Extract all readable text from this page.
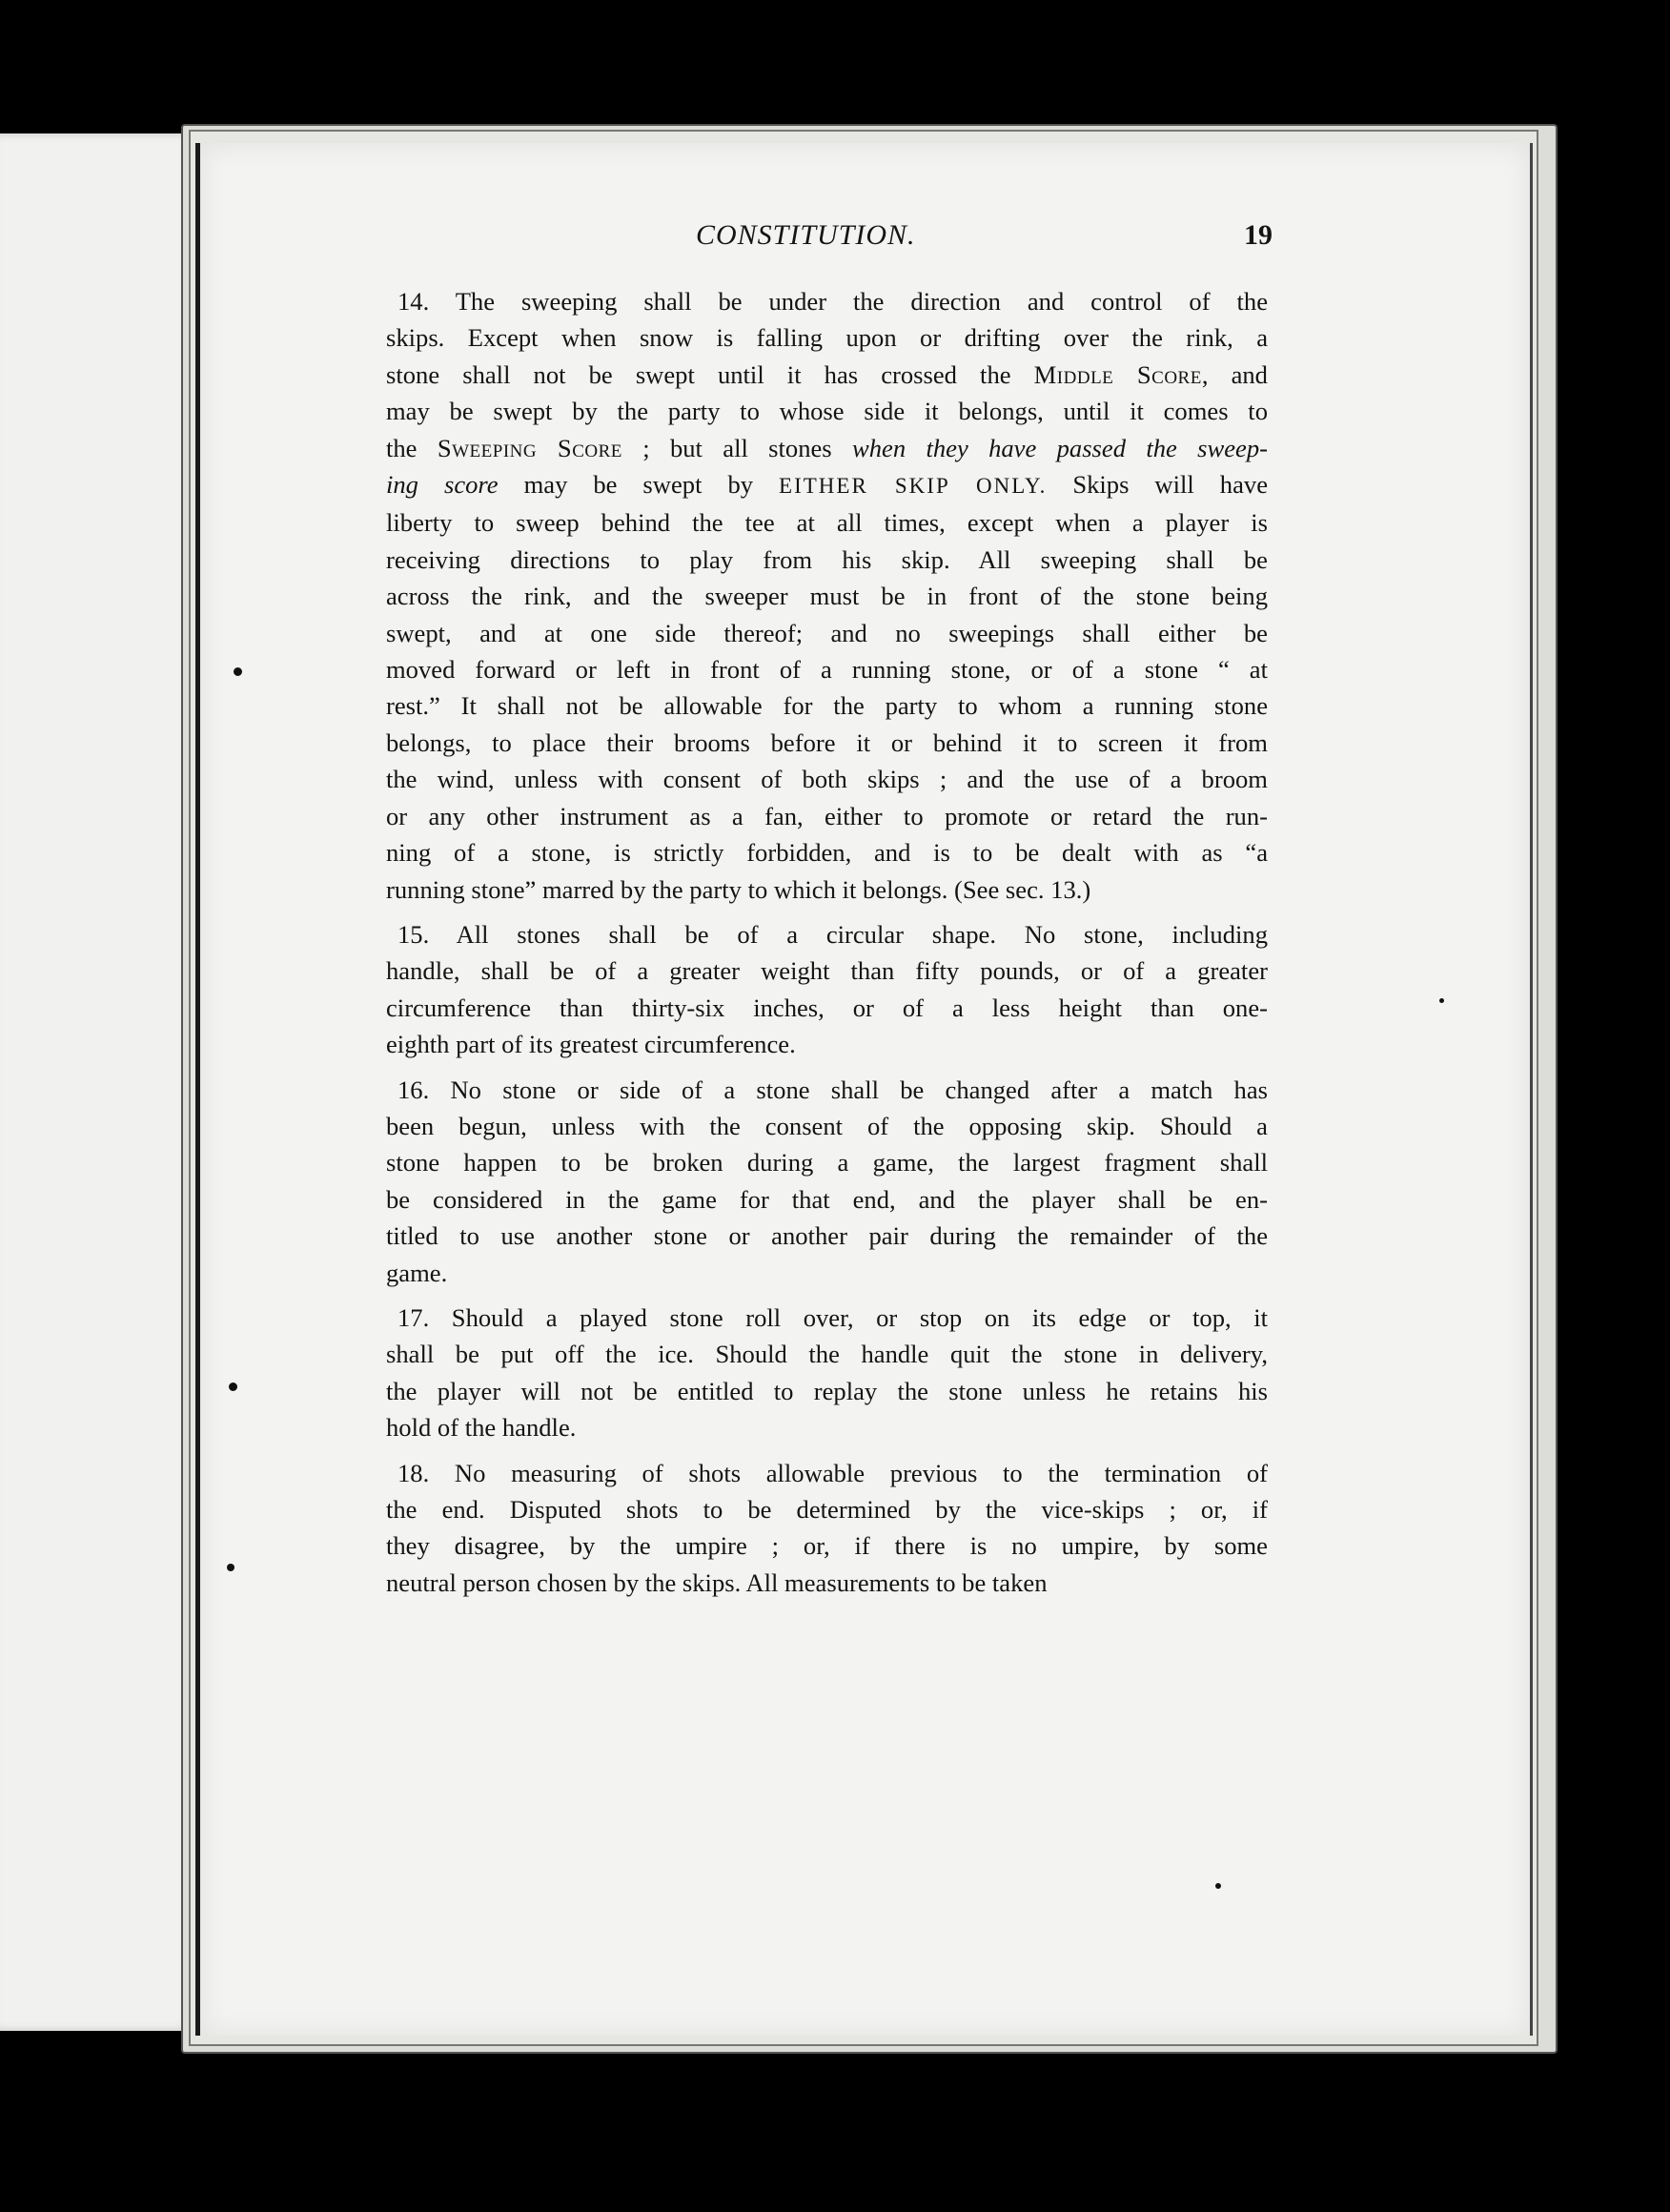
CONSTITUTION.	19
14. The sweeping shall be under the direction and control of the
skips. Except when snow is falling upon or drifting over the rink, a
stone shall not be swept until it has crossed the Middle Score, and
may be swept by the party to whose side it belongs, until it comes to
the Sweeping Score ; but all stones when they have passed the sweep-
ing score may be swept by EITHER SKIP ONLY. Skips will have
liberty to sweep behind the tee at all times, except when a player is
receiving directions to play from his skip. All sweeping shall be
across the rink, and the sweeper must be in front of the stone being
swept, and at one side thereof; and no sweepings shall either be
moved forward or left in front of a running stone, or of a stone “ at
rest.” It shall not be allowable for the party to whom a running stone
belongs, to place their brooms before it or behind it to screen it from
the wind, unless with consent of both skips ; and the use of a broom
or any other instrument as a fan, either to promote or retard the run-
ning of a stone, is strictly forbidden, and is to be dealt with as “a
running stone” marred by the party to which it belongs. (See sec. 13.)
15. All stones shall be of a circular shape. No stone, including
handle, shall be of a greater weight than fifty pounds, or of a greater
circumference than thirty-six inches, or of a less height than one-
eighth part of its greatest circumference.
16. No stone or side of a stone shall be changed after a match has
been begun, unless with the consent of the opposing skip. Should a
stone happen to be broken during a game, the largest fragment shall
be considered in the game for that end, and the player shall be en-
titled to use another stone or another pair during the remainder of the
game.
17. Should a played stone roll over, or stop on its edge or top, it
shall be put off the ice. Should the handle quit the stone in delivery,
the player will not be entitled to replay the stone unless he retains his
hold of the handle.
18. No measuring of shots allowable previous to the termination of
the end. Disputed shots to be determined by the vice-skips ; or, if
they disagree, by the umpire ; or, if there is no umpire, by some
neutral person chosen by the skips. All measurements to be taken
